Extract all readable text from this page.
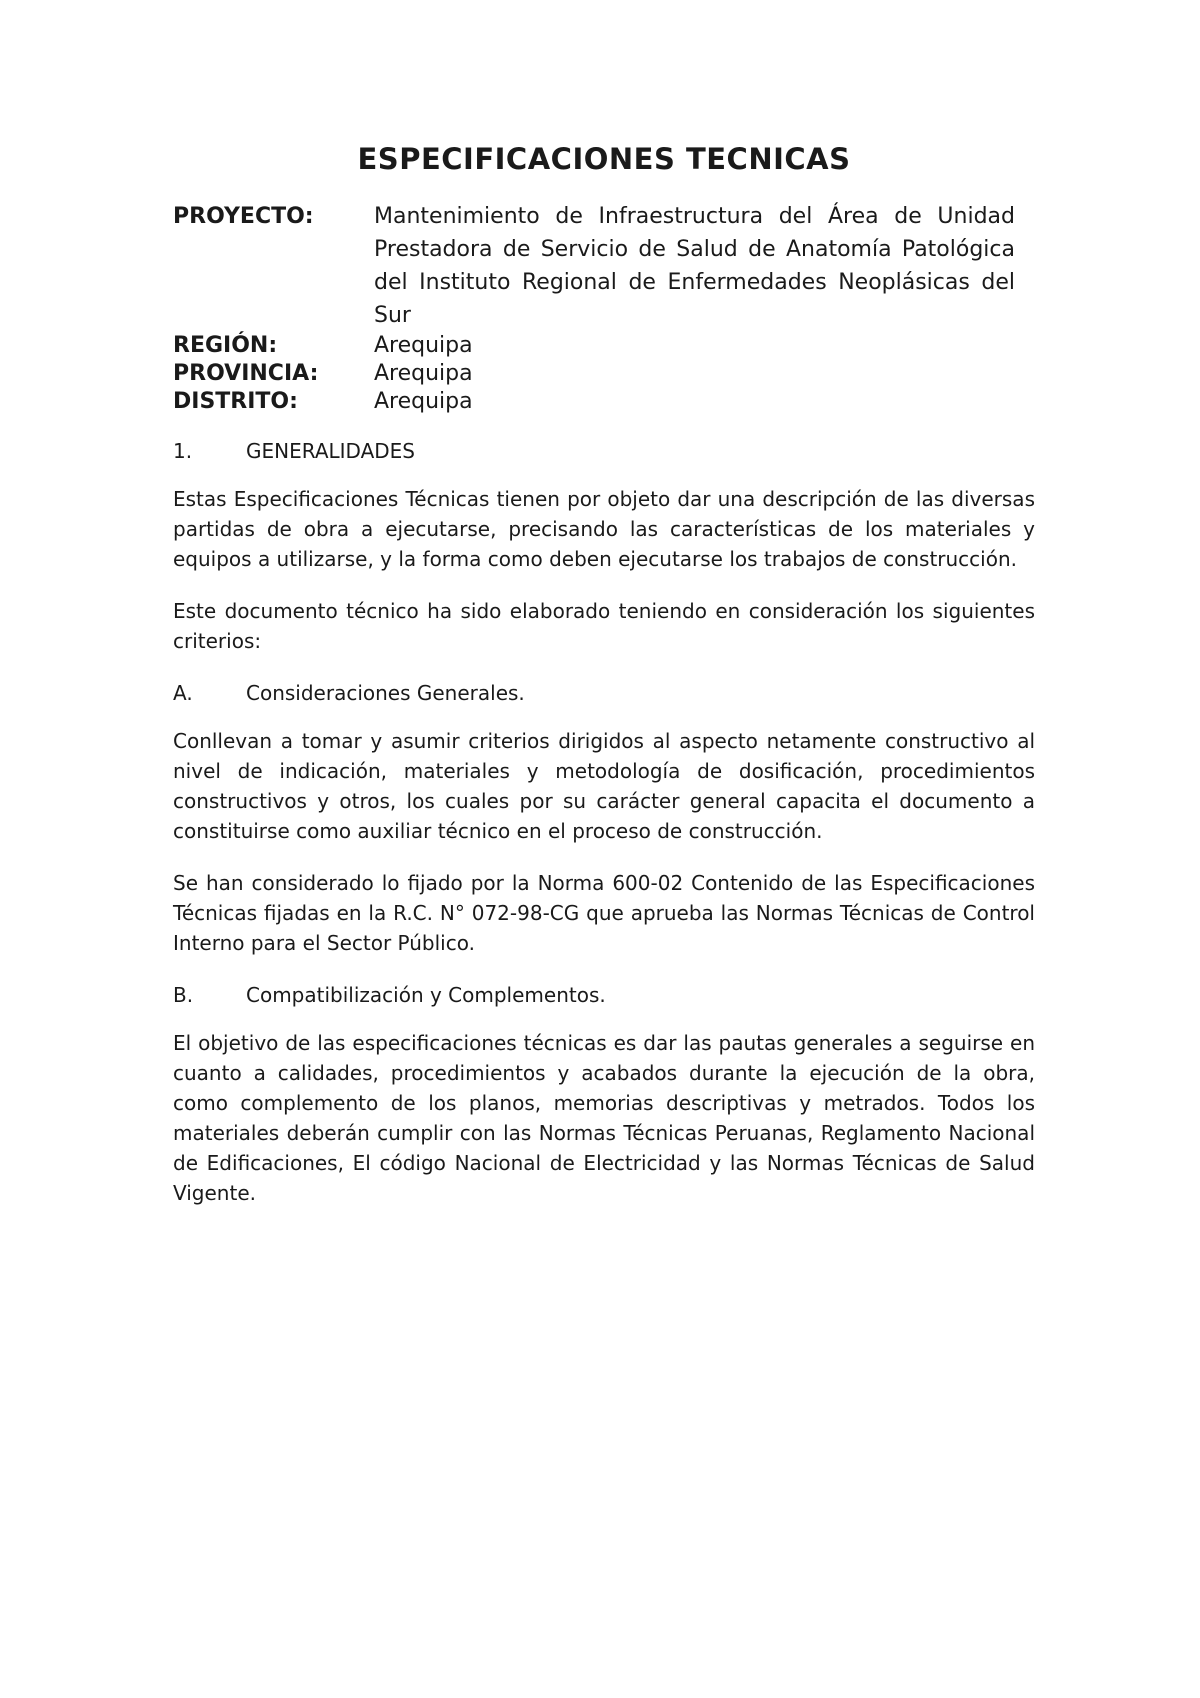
ESPECIFICACIONES TECNICAS
PROYECTO:	Mantenimiento de Infraestructura del Área de Unidad Prestadora de Servicio de Salud de Anatomía Patológica del Instituto Regional de Enfermedades Neoplásicas del Sur
REGIÓN:	Arequipa
PROVINCIA:	Arequipa
DISTRITO:	Arequipa
1.	GENERALIDADES

Estas Especificaciones Técnicas tienen por objeto dar una descripción de las diversas partidas de obra a ejecutarse, precisando las características de los materiales y equipos a utilizarse, y la forma como deben ejecutarse los trabajos de construcción.

Este documento técnico ha sido elaborado teniendo en consideración los siguientes criterios:

A.	Consideraciones Generales.

Conllevan a tomar y asumir criterios dirigidos al aspecto netamente constructivo al nivel de indicación, materiales y metodología de dosificación, procedimientos constructivos y otros, los cuales por su carácter general capacita el documento a constituirse como auxiliar técnico en el proceso de construcción.

Se han considerado lo fijado por la Norma 600-02 Contenido de las Especificaciones Técnicas fijadas en la R.C. N° 072-98-CG que aprueba las Normas Técnicas de Control Interno para el Sector Público.

B.	Compatibilización y Complementos.

El objetivo de las especificaciones técnicas es dar las pautas generales a seguirse en cuanto a calidades, procedimientos y acabados durante la ejecución de la obra, como complemento de los planos, memorias descriptivas y metrados. Todos los materiales deberán cumplir con las Normas Técnicas Peruanas, Reglamento Nacional de Edificaciones, El código Nacional de Electricidad y las Normas Técnicas de Salud Vigente.
